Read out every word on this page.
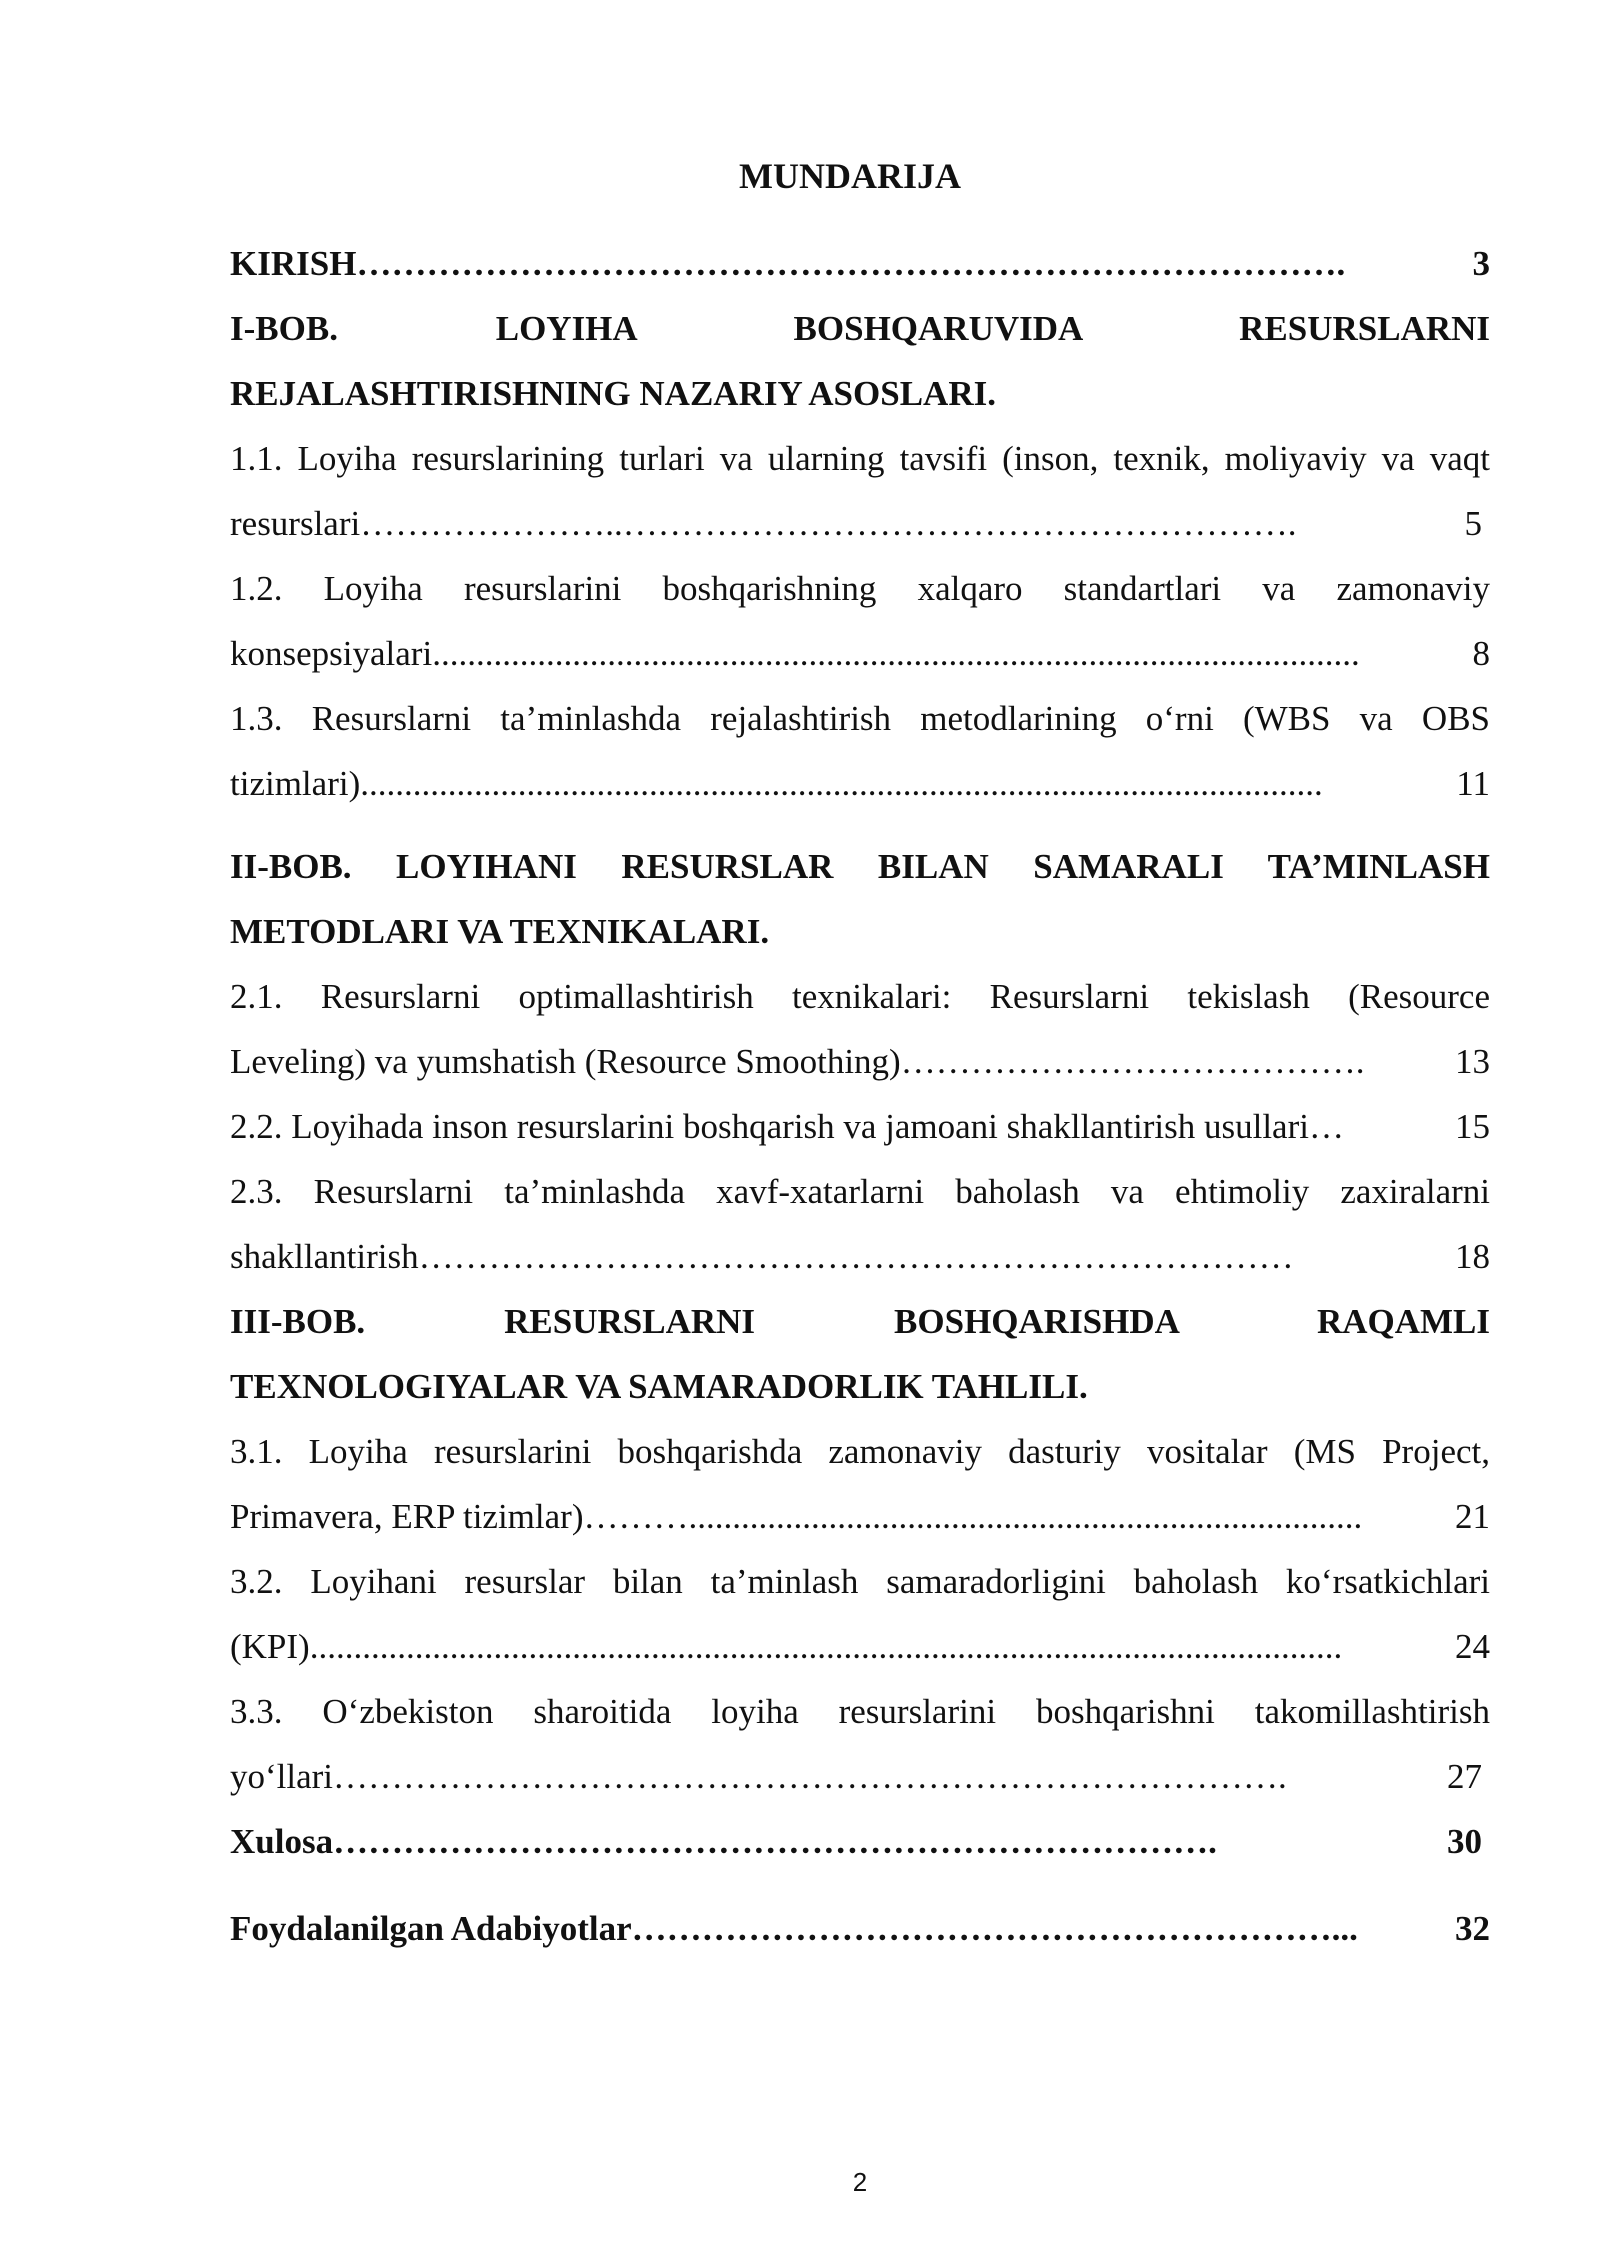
MUNDARIJA
KIRISH ………………………………………………………………………….	3
I-BOB.	LOYIHA	BOSHQARUVIDA	RESURSLARNI
REJALASHTIRISHNING NAZARIY ASOSLARI.
1.1. Loyiha resurslarining turlari va ularning tavsifi (inson, texnik, moliyaviy va vaqt
resurslari …………………..………………………………………………….	5
1.2. Loyiha resurslarini boshqarishning xalqaro standartlari va zamonaviy
konsepsiyalari ..........................................................................................................	8
1.3. Resurslarni ta’minlashda rejalashtirish metodlarining o‘rni (WBS va OBS
tizimlari) ..............................................................................................................	11
II-BOB. LOYIHANI RESURSLAR BILAN SAMARALI TA’MINLASH
METODLARI VA TEXNIKALARI.
2.1. Resurslarni optimallashtirish texnikalari: Resurslarni tekislash (Resource
Leveling) va yumshatish (Resource Smoothing) ………………………………….	13
2.2. Loyihada inson resurslarini boshqarish va jamoani shakllantirish usullari …	15
2.3. Resurslarni ta’minlashda xavf-xatarlarni baholash va ehtimoliy zaxiralarni
shakllantirish …………………………………………………………………	18
III-BOB.	RESURSLARNI	BOSHQARISHDA	RAQAMLI
TEXNOLOGIYALAR VA SAMARADORLIK TAHLILI.
3.1. Loyiha resurslarini boshqarishda zamonaviy dasturiy vositalar (MS Project,
Primavera, ERP tizimlar) ……….............................................................................	21
3.2. Loyihani resurslar bilan ta’minlash samaradorligini baholash ko‘rsatkichlari
(KPI) ......................................................................................................................	24
3.3. O‘zbekiston sharoitida loyiha resurslarini boshqarishni takomillashtirish
yo‘llari ……………………………………………………………………….	27
Xulosa ………………………………………………………………….	30
Foydalanilgan Adabiyotlar ……………………………………………………...	32
2
